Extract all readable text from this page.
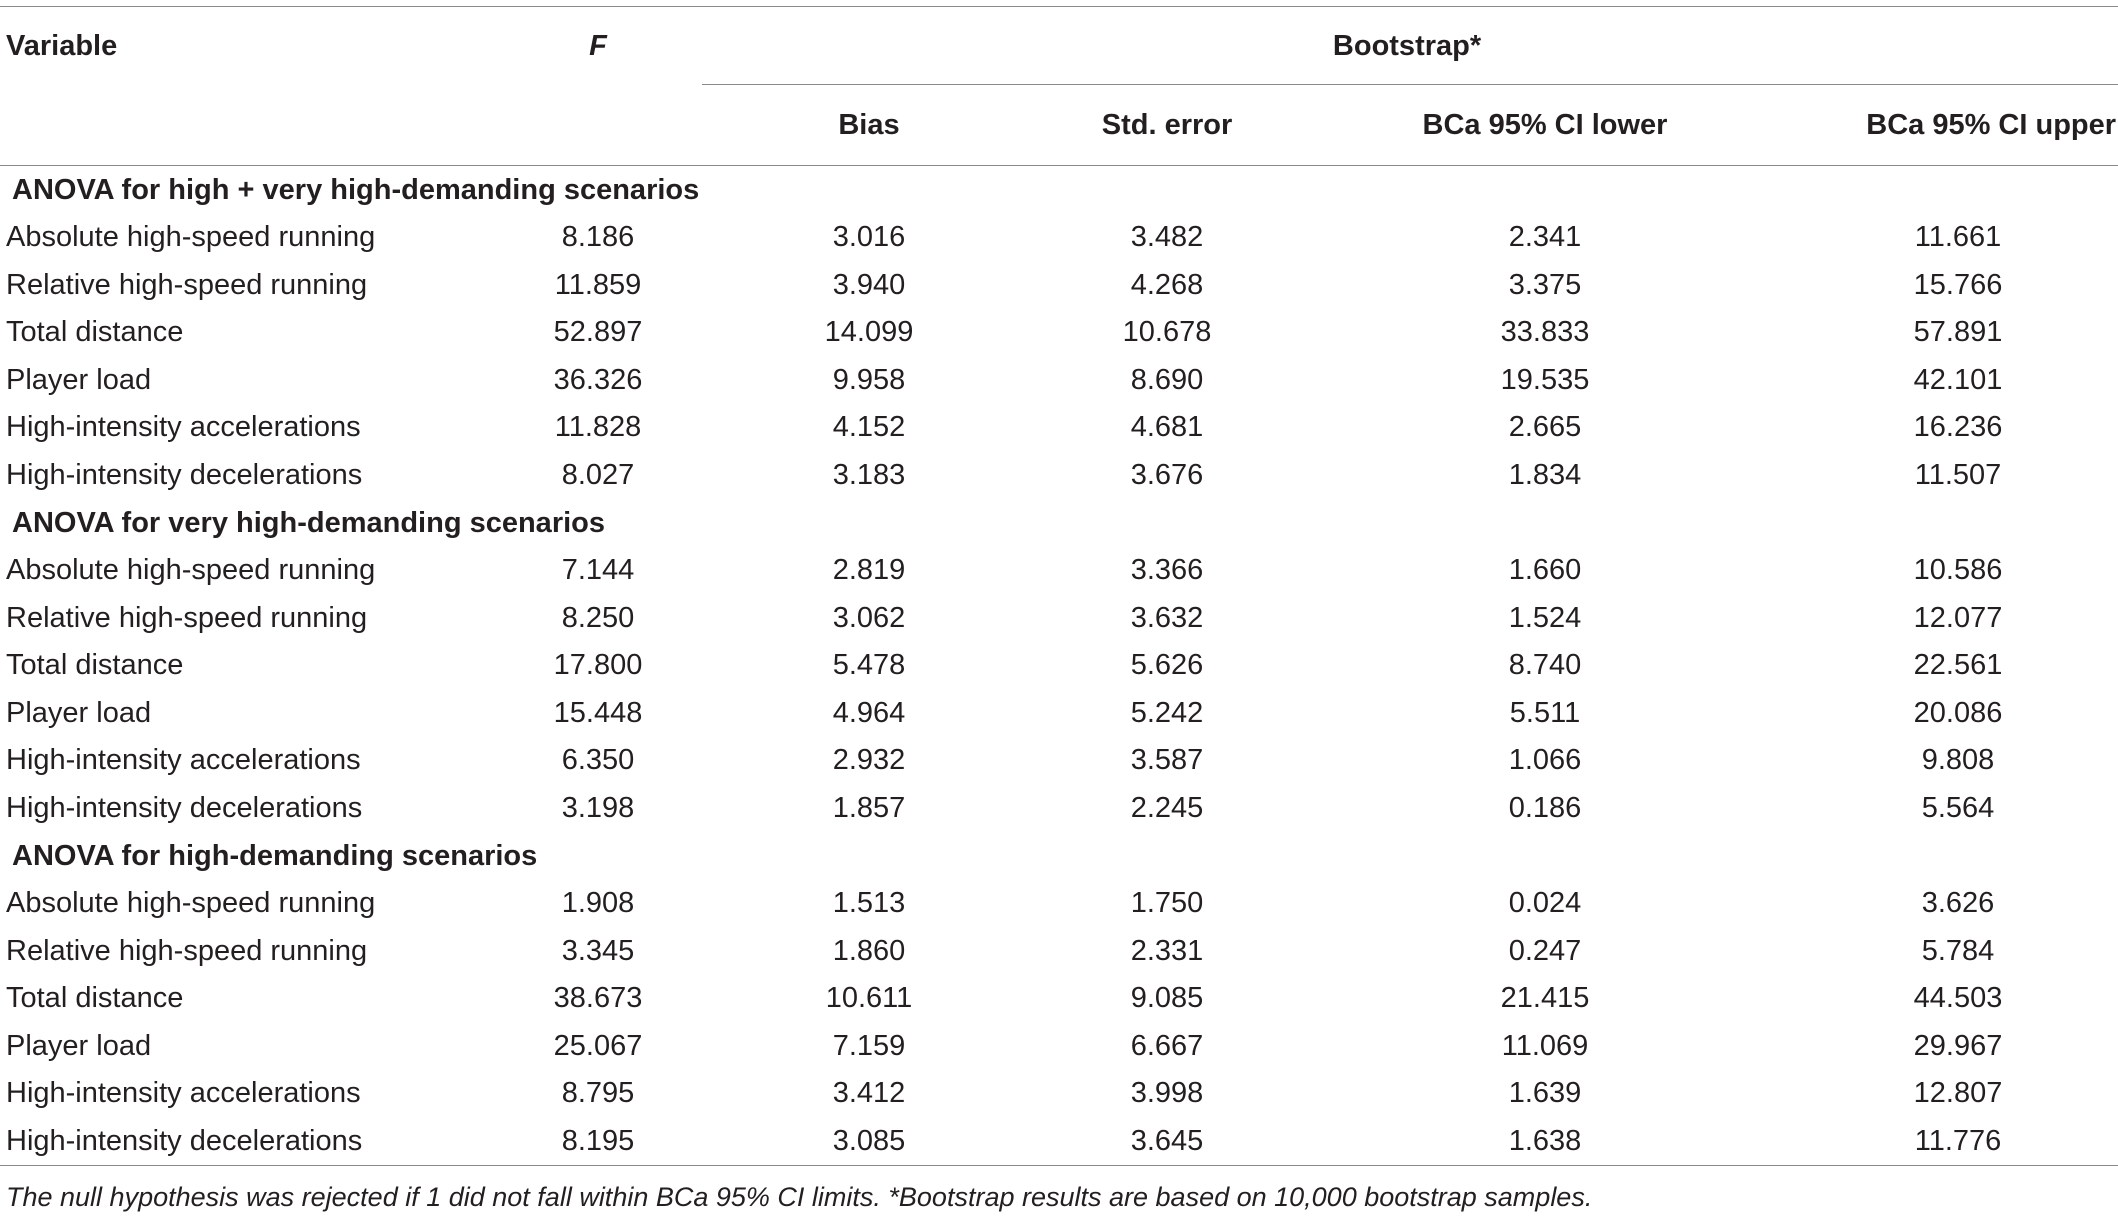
Variable	F	Bootstrap*			

		Bias	Std. error	BCa 95% CI lower	BCa 95% CI upper
ANOVA for high + very high-demanding scenarios					
Absolute high-speed running	8.186	3.016	3.482	2.341	11.661
Relative high-speed running	11.859	3.940	4.268	3.375	15.766
Total distance	52.897	14.099	10.678	33.833	57.891
Player load	36.326	9.958	8.690	19.535	42.101
High-intensity accelerations	11.828	4.152	4.681	2.665	16.236
High-intensity decelerations	8.027	3.183	3.676	1.834	11.507
ANOVA for very high-demanding scenarios					
Absolute high-speed running	7.144	2.819	3.366	1.660	10.586
Relative high-speed running	8.250	3.062	3.632	1.524	12.077
Total distance	17.800	5.478	5.626	8.740	22.561
Player load	15.448	4.964	5.242	5.511	20.086
High-intensity accelerations	6.350	2.932	3.587	1.066	9.808
High-intensity decelerations	3.198	1.857	2.245	0.186	5.564
ANOVA for high-demanding scenarios					
Absolute high-speed running	1.908	1.513	1.750	0.024	3.626
Relative high-speed running	3.345	1.860	2.331	0.247	5.784
Total distance	38.673	10.611	9.085	21.415	44.503
Player load	25.067	7.159	6.667	11.069	29.967
High-intensity accelerations	8.795	3.412	3.998	1.639	12.807
High-intensity decelerations	8.195	3.085	3.645	1.638	11.776
The null hypothesis was rejected if 1 did not fall within BCa 95% CI limits. *Bootstrap results are based on 10,000 bootstrap samples.
